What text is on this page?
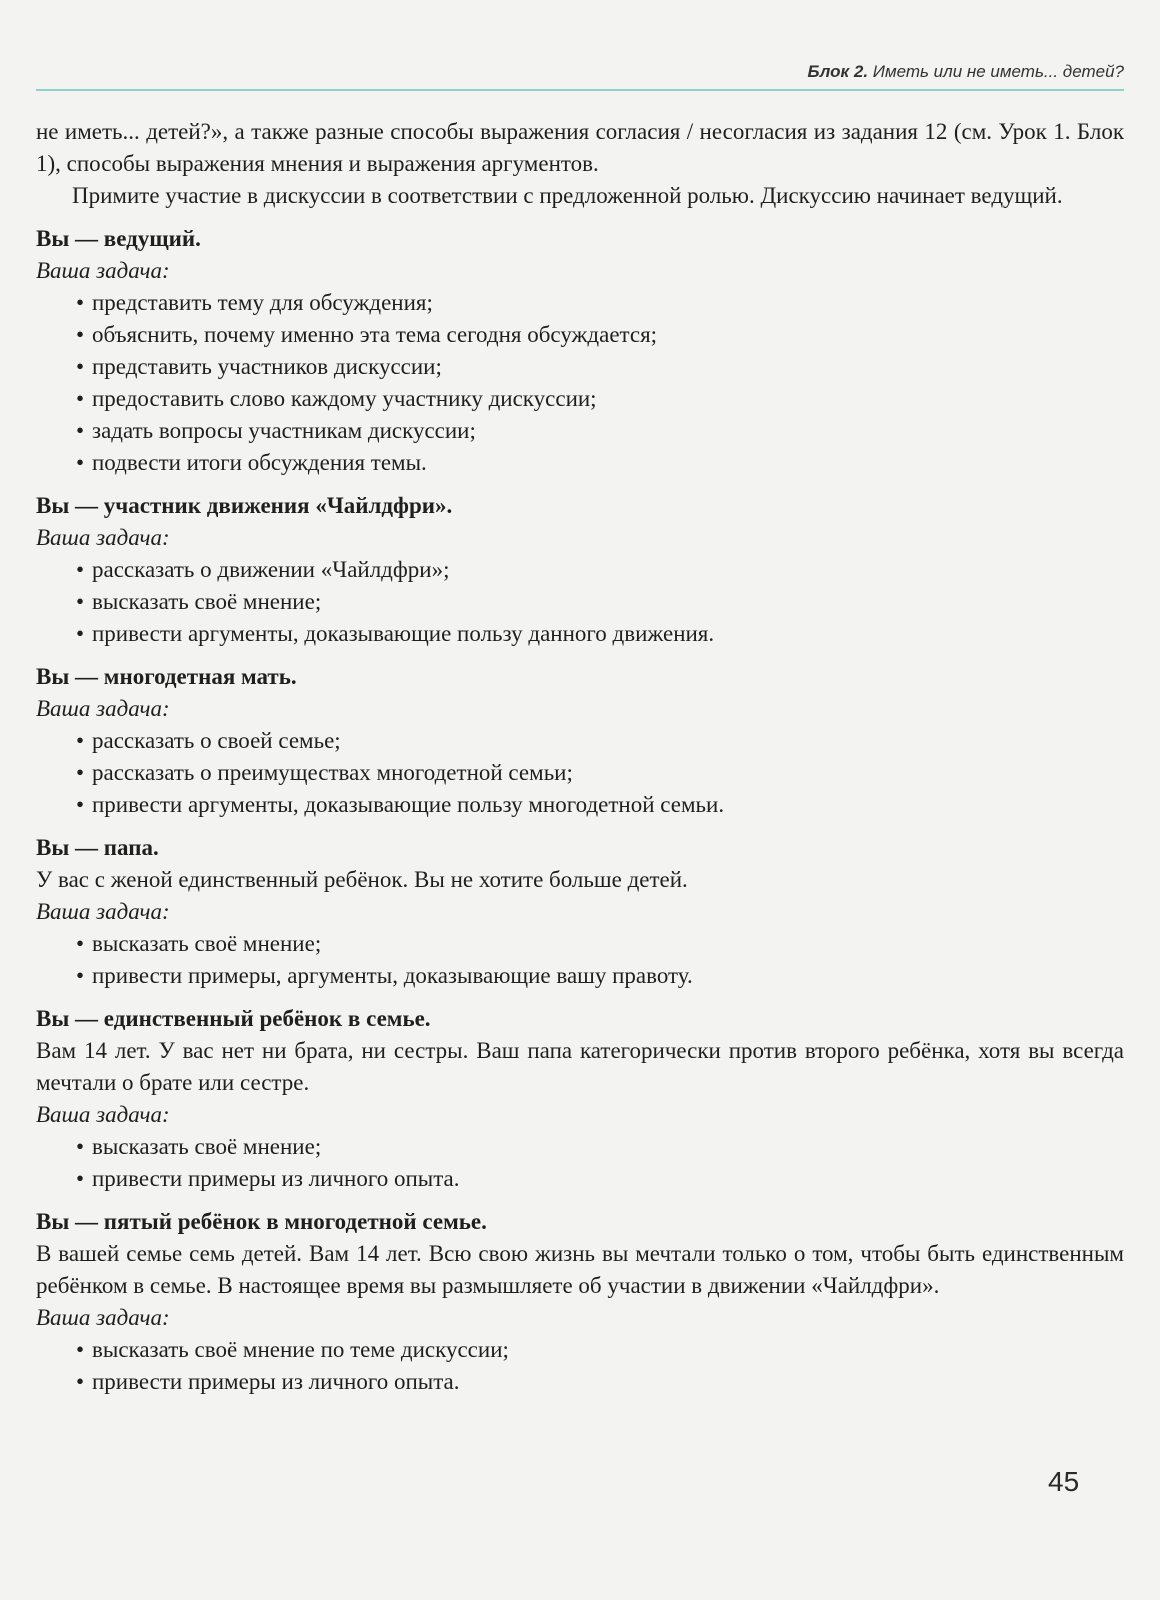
Блок 2. Иметь или не иметь... детей?

не иметь... детей?», а также разные способы выражения согласия / несогласия из задания 12 (см. Урок 1. Блок 1), способы выражения мнения и выражения аргументов.

Примите участие в дискуссии в соответствии с предложенной ролью. Дискуссию начинает ведущий.

Вы — ведущий.

Ваша задача:

• представить тему для обсуждения;
• объяснить, почему именно эта тема сегодня обсуждается;
• представить участников дискуссии;
• предоставить слово каждому участнику дискуссии;
• задать вопросы участникам дискуссии;
• подвести итоги обсуждения темы.

Вы — участник движения «Чайлдфри».

Ваша задача:

• рассказать о движении «Чайлдфри»;
• высказать своё мнение;
• привести аргументы, доказывающие пользу данного движения.

Вы — многодетная мать.

Ваша задача:

• рассказать о своей семье;
• рассказать о преимуществах многодетной семьи;
• привести аргументы, доказывающие пользу многодетной семьи.

Вы — папа.

У вас с женой единственный ребёнок. Вы не хотите больше детей.

Ваша задача:

• высказать своё мнение;
• привести примеры, аргументы, доказывающие вашу правоту.

Вы — единственный ребёнок в семье.

Вам 14 лет. У вас нет ни брата, ни сестры. Ваш папа категорически против второго ребёнка, хотя вы всегда мечтали о брате или сестре.

Ваша задача:

• высказать своё мнение;
• привести примеры из личного опыта.

Вы — пятый ребёнок в многодетной семье.

В вашей семье семь детей. Вам 14 лет. Всю свою жизнь вы мечтали только о том, чтобы быть единственным ребёнком в семье. В настоящее время вы размышляете об участии в движении «Чайлдфри».

Ваша задача:

• высказать своё мнение по теме дискуссии;
• привести примеры из личного опыта.
45
